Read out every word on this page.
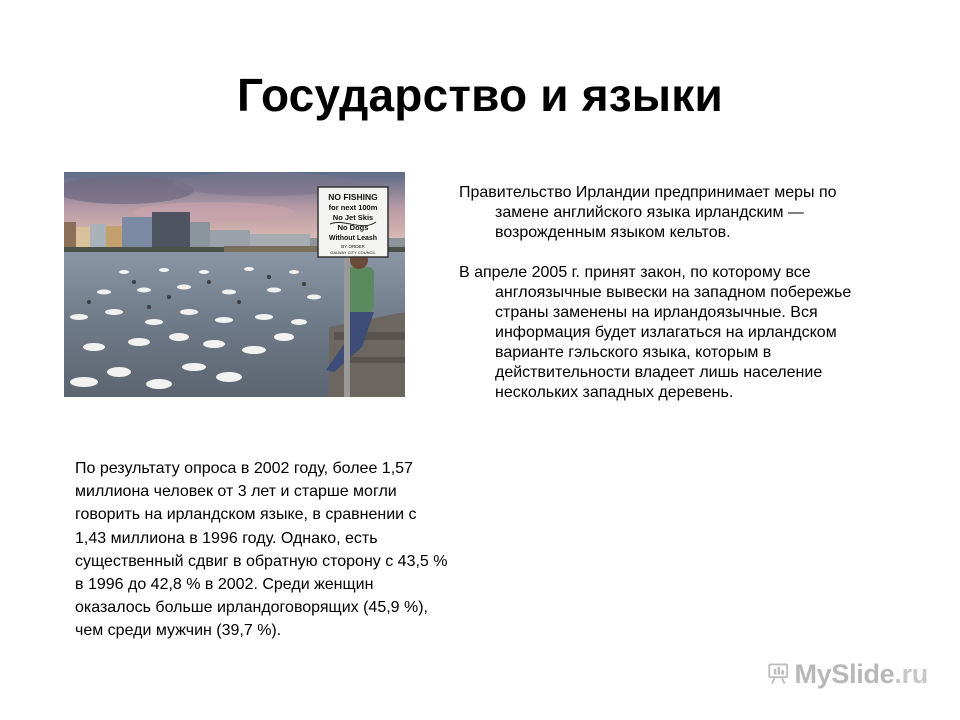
Государство и языки
NO FISHING
for next 100m
No Jet Skis
No Dogs
Without Leash
BY ORDER
GALWAY CITY COUNCIL

Правительство Ирландии предпринимает меры по замене английского языка ирландским — возрожденным языком кельтов.

В апреле 2005 г. принят закон, по которому все англоязычные вывески на западном побережье страны заменены на ирландоязычные. Вся информация будет излагаться на ирландском варианте гэльского языка, которым в действительности владеет лишь население нескольких западных деревень.

По результату опроса в 2002 году, более 1,57 миллиона человек от 3 лет и старше могли говорить на ирландском языке, в сравнении с 1,43 миллиона в 1996 году. Однако, есть существенный сдвиг в обратную сторону с 43,5 % в 1996 до 42,8 % в 2002. Среди женщин оказалось больше ирландоговорящих (45,9 %), чем среди мужчин (39,7 %).

MySlide.ru
